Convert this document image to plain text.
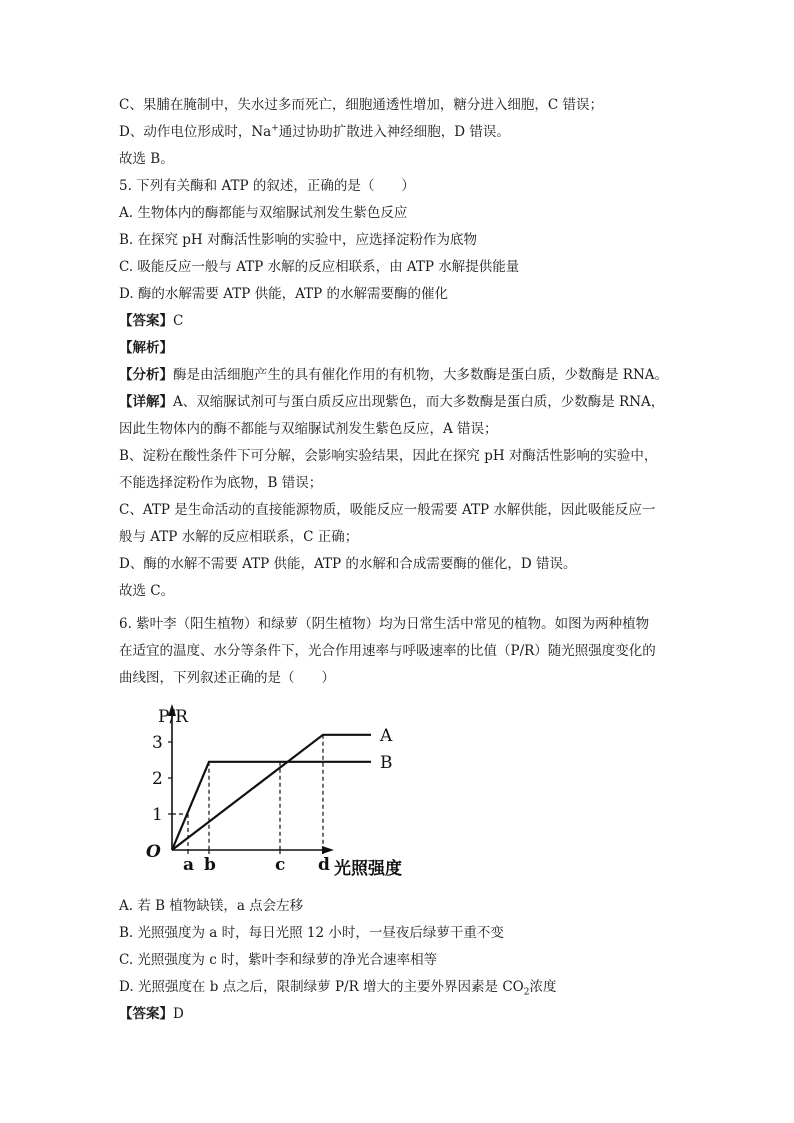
C、果脯在腌制中，失水过多而死亡，细胞通透性增加，糖分进入细胞，C 错误；
D、动作电位形成时，Na+通过协助扩散进入神经细胞，D 错误。
故选 B。
5. 下列有关酶和 ATP 的叙述，正确的是（　　）
A. 生物体内的酶都能与双缩脲试剂发生紫色反应
B. 在探究 pH 对酶活性影响的实验中，应选择淀粉作为底物
C. 吸能反应一般与 ATP 水解的反应相联系，由 ATP 水解提供能量
D. 酶的水解需要 ATP 供能，ATP 的水解需要酶的催化
【答案】C
【解析】
【分析】酶是由活细胞产生的具有催化作用的有机物，大多数酶是蛋白质，少数酶是 RNA。
【详解】A、双缩脲试剂可与蛋白质反应出现紫色，而大多数酶是蛋白质，少数酶是 RNA，
因此生物体内的酶不都能与双缩脲试剂发生紫色反应，A 错误；
B、淀粉在酸性条件下可分解，会影响实验结果，因此在探究 pH 对酶活性影响的实验中，
不能选择淀粉作为底物，B 错误；
C、ATP 是生命活动的直接能源物质，吸能反应一般需要 ATP 水解供能，因此吸能反应一
般与 ATP 水解的反应相联系，C 正确；
D、酶的水解不需要 ATP 供能，ATP 的水解和合成需要酶的催化，D 错误。
故选 C。
6. 紫叶李（阳生植物）和绿萝（阴生植物）均为日常生活中常见的植物。如图为两种植物
在适宜的温度、水分等条件下，光合作用速率与呼吸速率的比值（P/R）随光照强度变化的
曲线图，下列叙述正确的是（　　）
P/R
光照强度
O
1
2
3
a b	c d
A
B
A. 若 B 植物缺镁，a 点会左移
B. 光照强度为 a 时，每日光照 12 小时，一昼夜后绿萝干重不变
C. 光照强度为 c 时，紫叶李和绿萝的净光合速率相等
D. 光照强度在 b 点之后，限制绿萝 P/R 增大的主要外界因素是 $CO_2$浓度
【答案】D
